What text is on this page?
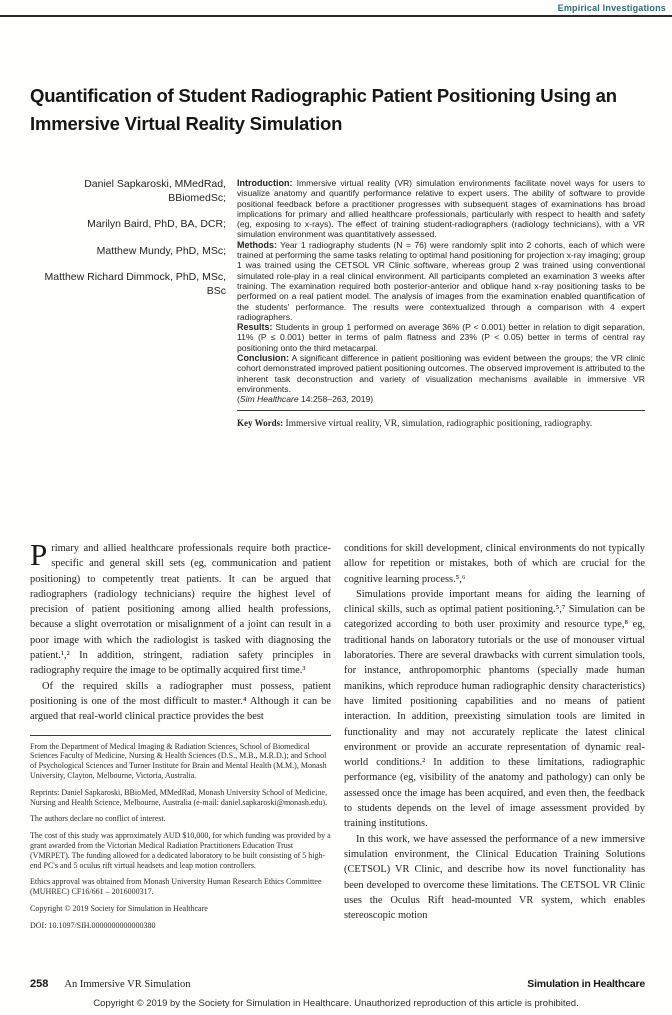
Empirical Investigations
Quantification of Student Radiographic Patient Positioning Using an Immersive Virtual Reality Simulation
Daniel Sapkaroski, MMedRad, BBiomedSc;
Marilyn Baird, PhD, BA, DCR;
Matthew Mundy, PhD, MSc;
Matthew Richard Dimmock, PhD, MSc, BSc

Introduction: Immersive virtual reality (VR) simulation environments facilitate novel ways for users to visualize anatomy and quantify performance relative to expert users. The ability of software to provide positional feedback before a practitioner progresses with subsequent stages of examinations has broad implications for primary and allied healthcare professionals, particularly with respect to health and safety (eg, exposing to x-rays). The effect of training student-radiographers (radiology technicians), with a VR simulation environment was quantitatively assessed.

Methods: Year 1 radiography students (N = 76) were randomly split into 2 cohorts, each of which were trained at performing the same tasks relating to optimal hand positioning for projection x-ray imaging; group 1 was trained using the CETSOL VR Clinic software, whereas group 2 was trained using conventional simulated role-play in a real clinical environment. All participants completed an examination 3 weeks after training. The examination required both posterior-anterior and oblique hand x-ray positioning tasks to be performed on a real patient model. The analysis of images from the examination enabled quantification of the students' performance. The results were contextualized through a comparison with 4 expert radiographers.

Results: Students in group 1 performed on average 36% (P < 0.001) better in relation to digit separation, 11% (P ≤ 0.001) better in terms of palm flatness and 23% (P < 0.05) better in terms of central ray positioning onto the third metacarpal.

Conclusion: A significant difference in patient positioning was evident between the groups; the VR clinic cohort demonstrated improved patient positioning outcomes. The observed improvement is attributed to the inherent task deconstruction and variety of visualization mechanisms available in immersive VR environments.

(Sim Healthcare 14:258–263, 2019)

Key Words: Immersive virtual reality, VR, simulation, radiographic positioning, radiography.

Primary and allied healthcare professionals require both practice-specific and general skill sets (eg, communication and patient positioning) to competently treat patients. It can be argued that radiographers (radiology technicians) require the highest level of precision of patient positioning among allied health professions, because a slight overrotation or misalignment of a joint can result in a poor image with which the radiologist is tasked with diagnosing the patient.¹,² In addition, stringent, radiation safety principles in radiography require the image to be optimally acquired first time.³

Of the required skills a radiographer must possess, patient positioning is one of the most difficult to master.⁴ Although it can be argued that real-world clinical practice provides the best

From the Department of Medical Imaging & Radiation Sciences, School of Biomedical Sciences Faculty of Medicine, Nursing & Health Sciences (D.S., M.B., M.R.D.); and School of Psychological Sciences and Turner Institute for Brain and Mental Health (M.M.), Monash University, Clayton, Melbourne, Victoria, Australia.

Reprints: Daniel Sapkaroski, BBioMed, MMedRad, Monash University School of Medicine, Nursing and Health Science, Melbourne, Australia (e-mail: daniel.sapkaroski@monash.edu).

The authors declare no conflict of interest.

The cost of this study was approximately AUD $10,000, for which funding was provided by a grant awarded from the Victorian Medical Radiation Practitioners Education Trust (VMRPET). The funding allowed for a dedicated laboratory to be built consisting of 5 high-end PC's and 5 oculus rift virtual headsets and leap motion controllers.

Ethics approval was obtained from Monash University Human Research Ethics Committee (MUHREC) CF16/661 – 2016000317.

Copyright © 2019 Society for Simulation in Healthcare

DOI: 10.1097/SIH.0000000000000380

conditions for skill development, clinical environments do not typically allow for repetition or mistakes, both of which are crucial for the cognitive learning process.⁵,⁶

Simulations provide important means for aiding the learning of clinical skills, such as optimal patient positioning.⁵,⁷ Simulation can be categorized according to both user proximity and resource type,⁸ eg, traditional hands on laboratory tutorials or the use of monouser virtual laboratories. There are several drawbacks with current simulation tools, for instance, anthropomorphic phantoms (specially made human manikins, which reproduce human radiographic density characteristics) have limited positioning capabilities and no means of patient interaction. In addition, preexisting simulation tools are limited in functionality and may not accurately replicate the latest clinical environment or provide an accurate representation of dynamic real-world conditions.² In addition to these limitations, radiographic performance (eg, visibility of the anatomy and pathology) can only be assessed once the image has been acquired, and even then, the feedback to students depends on the level of image assessment provided by training institutions.

In this work, we have assessed the performance of a new immersive simulation environment, the Clinical Education Training Solutions (CETSOL) VR Clinic, and describe how its novel functionality has been developed to overcome these limitations. The CETSOL VR Clinic uses the Oculus Rift head-mounted VR system, which enables stereoscopic motion

258 An Immersive VR Simulation	Simulation in Healthcare
Copyright © 2019 by the Society for Simulation in Healthcare. Unauthorized reproduction of this article is prohibited.
